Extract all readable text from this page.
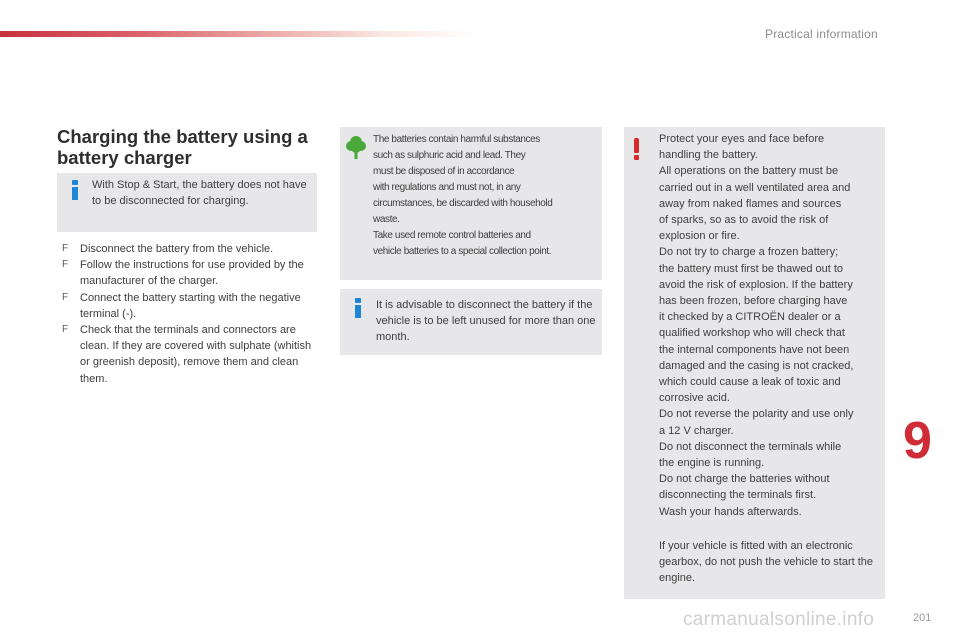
Practical information
Charging the battery using a battery charger
With Stop & Start, the battery does not have to be disconnected for charging.
F	Disconnect the battery from the vehicle.
F	Follow the instructions for use provided by the manufacturer of the charger.
F	Connect the battery starting with the negative terminal (-).
F	Check that the terminals and connectors are clean. If they are covered with sulphate (whitish or greenish deposit), remove them and clean them.
The batteries contain harmful substances
such as sulphuric acid and lead. They
must be disposed of in accordance
with regulations and must not, in any
circumstances, be discarded with household
waste.
Take used remote control batteries and
vehicle batteries to a special collection point.
It is advisable to disconnect the battery if the vehicle is to be left unused for more than one month.
Protect your eyes and face before
handling the battery.
All operations on the battery must be
carried out in a well ventilated area and
away from naked flames and sources
of sparks, so as to avoid the risk of
explosion or fire.
Do not try to charge a frozen battery;
the battery must first be thawed out to
avoid the risk of explosion. If the battery
has been frozen, before charging have
it checked by a CITROËN dealer or a
qualified workshop who will check that
the internal components have not been
damaged and the casing is not cracked,
which could cause a leak of toxic and
corrosive acid.
Do not reverse the polarity and use only
a 12 V charger.
Do not disconnect the terminals while
the engine is running.
Do not charge the batteries without
disconnecting the terminals first.
Wash your hands afterwards.
If your vehicle is fitted with an electronic gearbox, do not push the vehicle to start the engine.
9
carmanualsonline.info	201
